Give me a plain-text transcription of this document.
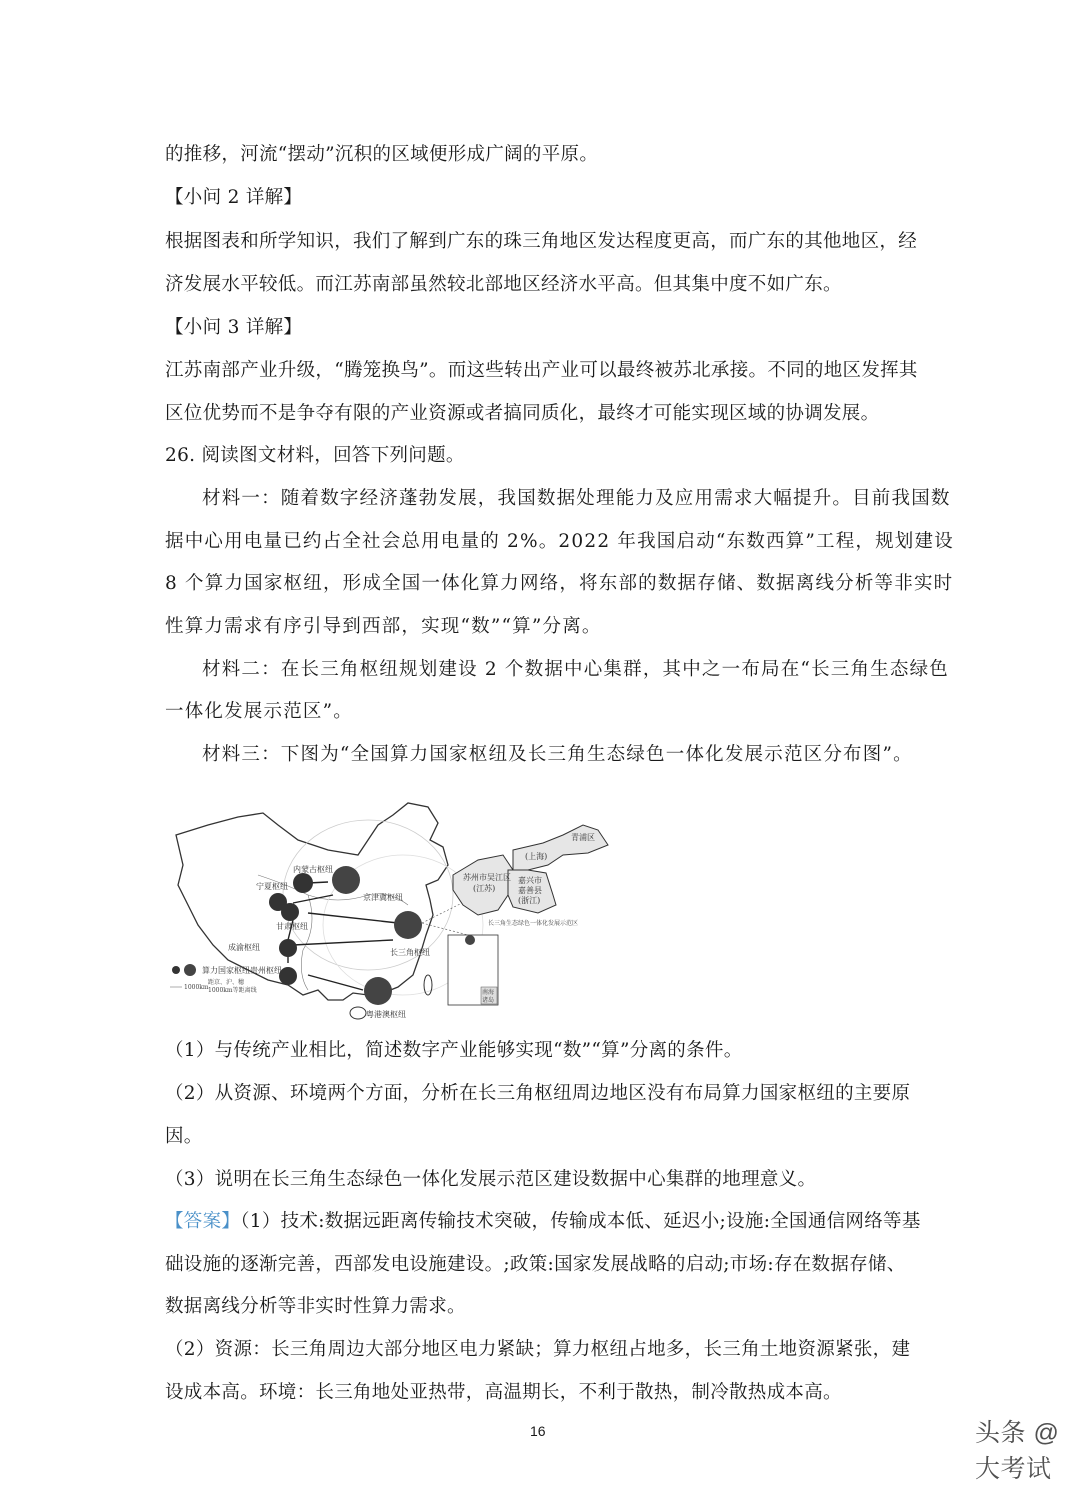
的推移，河流“摆动”沉积的区域便形成广阔的平原。
【小问 2 详解】
根据图表和所学知识，我们了解到广东的珠三角地区发达程度更高，而广东的其他地区，经
济发展水平较低。而江苏南部虽然较北部地区经济水平高。但其集中度不如广东。
【小问 3 详解】
江苏南部产业升级，“腾笼换鸟”。而这些转出产业可以最终被苏北承接。不同的地区发挥其
区位优势而不是争夺有限的产业资源或者搞同质化，最终才可能实现区域的协调发展。
26. 阅读图文材料，回答下列问题。
材料一：随着数字经济蓬勃发展，我国数据处理能力及应用需求大幅提升。目前我国数
据中心用电量已约占全社会总用电量的 2%。2022 年我国启动“东数西算”工程，规划建设
8 个算力国家枢纽，形成全国一体化算力网络，将东部的数据存储、数据离线分析等非实时
性算力需求有序引导到西部，实现“数”“算”分离。
材料二：在长三角枢纽规划建设 2 个数据中心集群，其中之一布局在“长三角生态绿色
一体化发展示范区”。
材料三：下图为“全国算力国家枢纽及长三角生态绿色一体化发展示范区分布图”。
内蒙古枢纽
宁夏枢纽
甘肃枢纽
京津冀枢纽
成渝枢纽
长三角枢纽
贵州枢纽
粤港澳枢纽
算力国家枢纽
1000km
距京、沪、穗
1000km等距离线
苏州市吴江区
(江苏)
(上海)
青浦区
嘉兴市
嘉善县
(浙江)
长三角生态绿色一体化发展示范区
南海
诸岛
（1）与传统产业相比，简述数字产业能够实现“数”“算”分离的条件。
（2）从资源、环境两个方面，分析在长三角枢纽周边地区没有布局算力国家枢纽的主要原
因。
（3）说明在长三角生态绿色一体化发展示范区建设数据中心集群的地理意义。
【答案】（1）技术:数据远距离传输技术突破，传输成本低、延迟小;设施:全国通信网络等基
础设施的逐渐完善，西部发电设施建设。;政策:国家发展战略的启动;市场:存在数据存储、
数据离线分析等非实时性算力需求。
（2）资源：长三角周边大部分地区电力紧缺；算力枢纽占地多，长三角土地资源紧张，建
设成本高。环境：长三角地处亚热带，高温期长，不利于散热，制冷散热成本高。
16	头条 @大考试
